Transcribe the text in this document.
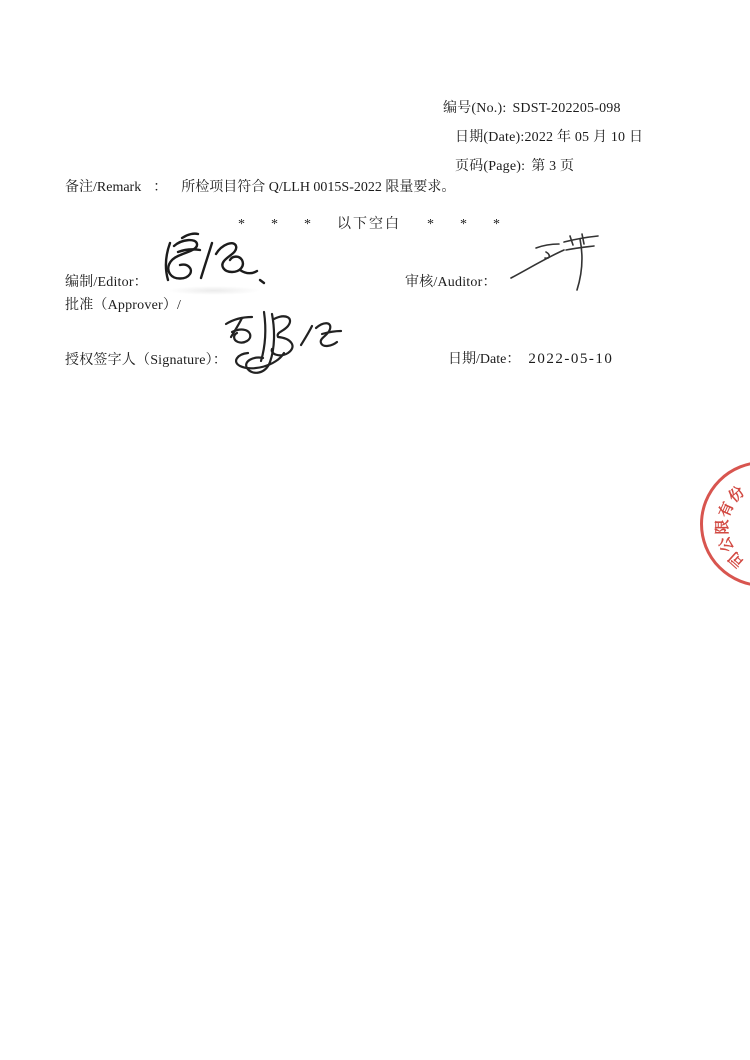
编号(No.): SDST-202205-098
日期(Date):2022 年 05 月 10 日
页码(Page): 第 3 页
备注/Remark ： 所检项目符合 Q/LLH 0015S-2022 限量要求。
* * * 以下空白 * * *
编制/Editor：	审核/Auditor：
批准（Approver）/
授权签字人（Signature）：	日期/Date： 2022-05-10
份
有
限
公
司
